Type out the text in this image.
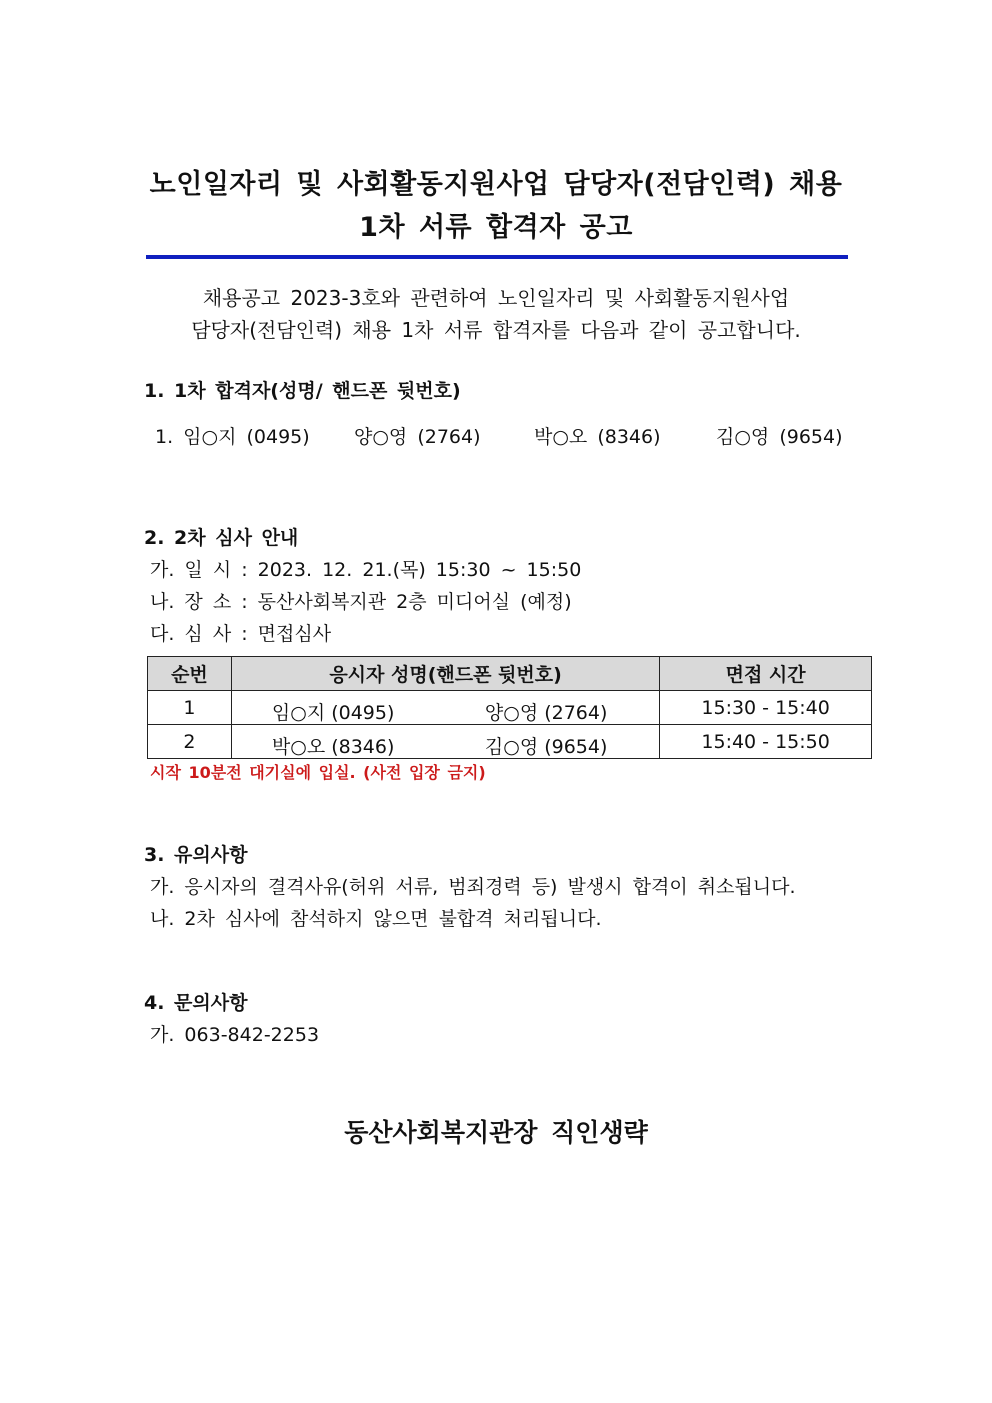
노인일자리 및 사회활동지원사업 담당자(전담인력) 채용
1차 서류 합격자 공고
채용공고 2023-3호와 관련하여 노인일자리 및 사회활동지원사업
담당자(전담인력) 채용 1차 서류 합격자를 다음과 같이 공고합니다.
1. 1차 합격자(성명/ 핸드폰 뒷번호)
1. 임○지 (0495) 양○영 (2764)	박○오 (8346)	김○영 (9654)
2. 2차 심사 안내
가. 일 시 : 2023. 12. 21.(목) 15:30 ~ 15:50
나. 장 소 : 동산사회복지관 2층 미디어실 (예정)
다. 심 사 : 면접심사
순번	응시자 성명(핸드폰 뒷번호)	면접 시간
1	임○지 (0495) 양○영 (2764)	15:30 - 15:40
2	박○오 (8346) 김○영 (9654)	15:40 - 15:50
시작 10분전 대기실에 입실. (사전 입장 금지)
3. 유의사항
가. 응시자의 결격사유(허위 서류, 범죄경력 등) 발생시 합격이 취소됩니다.
나. 2차 심사에 참석하지 않으면 불합격 처리됩니다.
4. 문의사항
가. 063-842-2253
동산사회복지관장 직인생략
